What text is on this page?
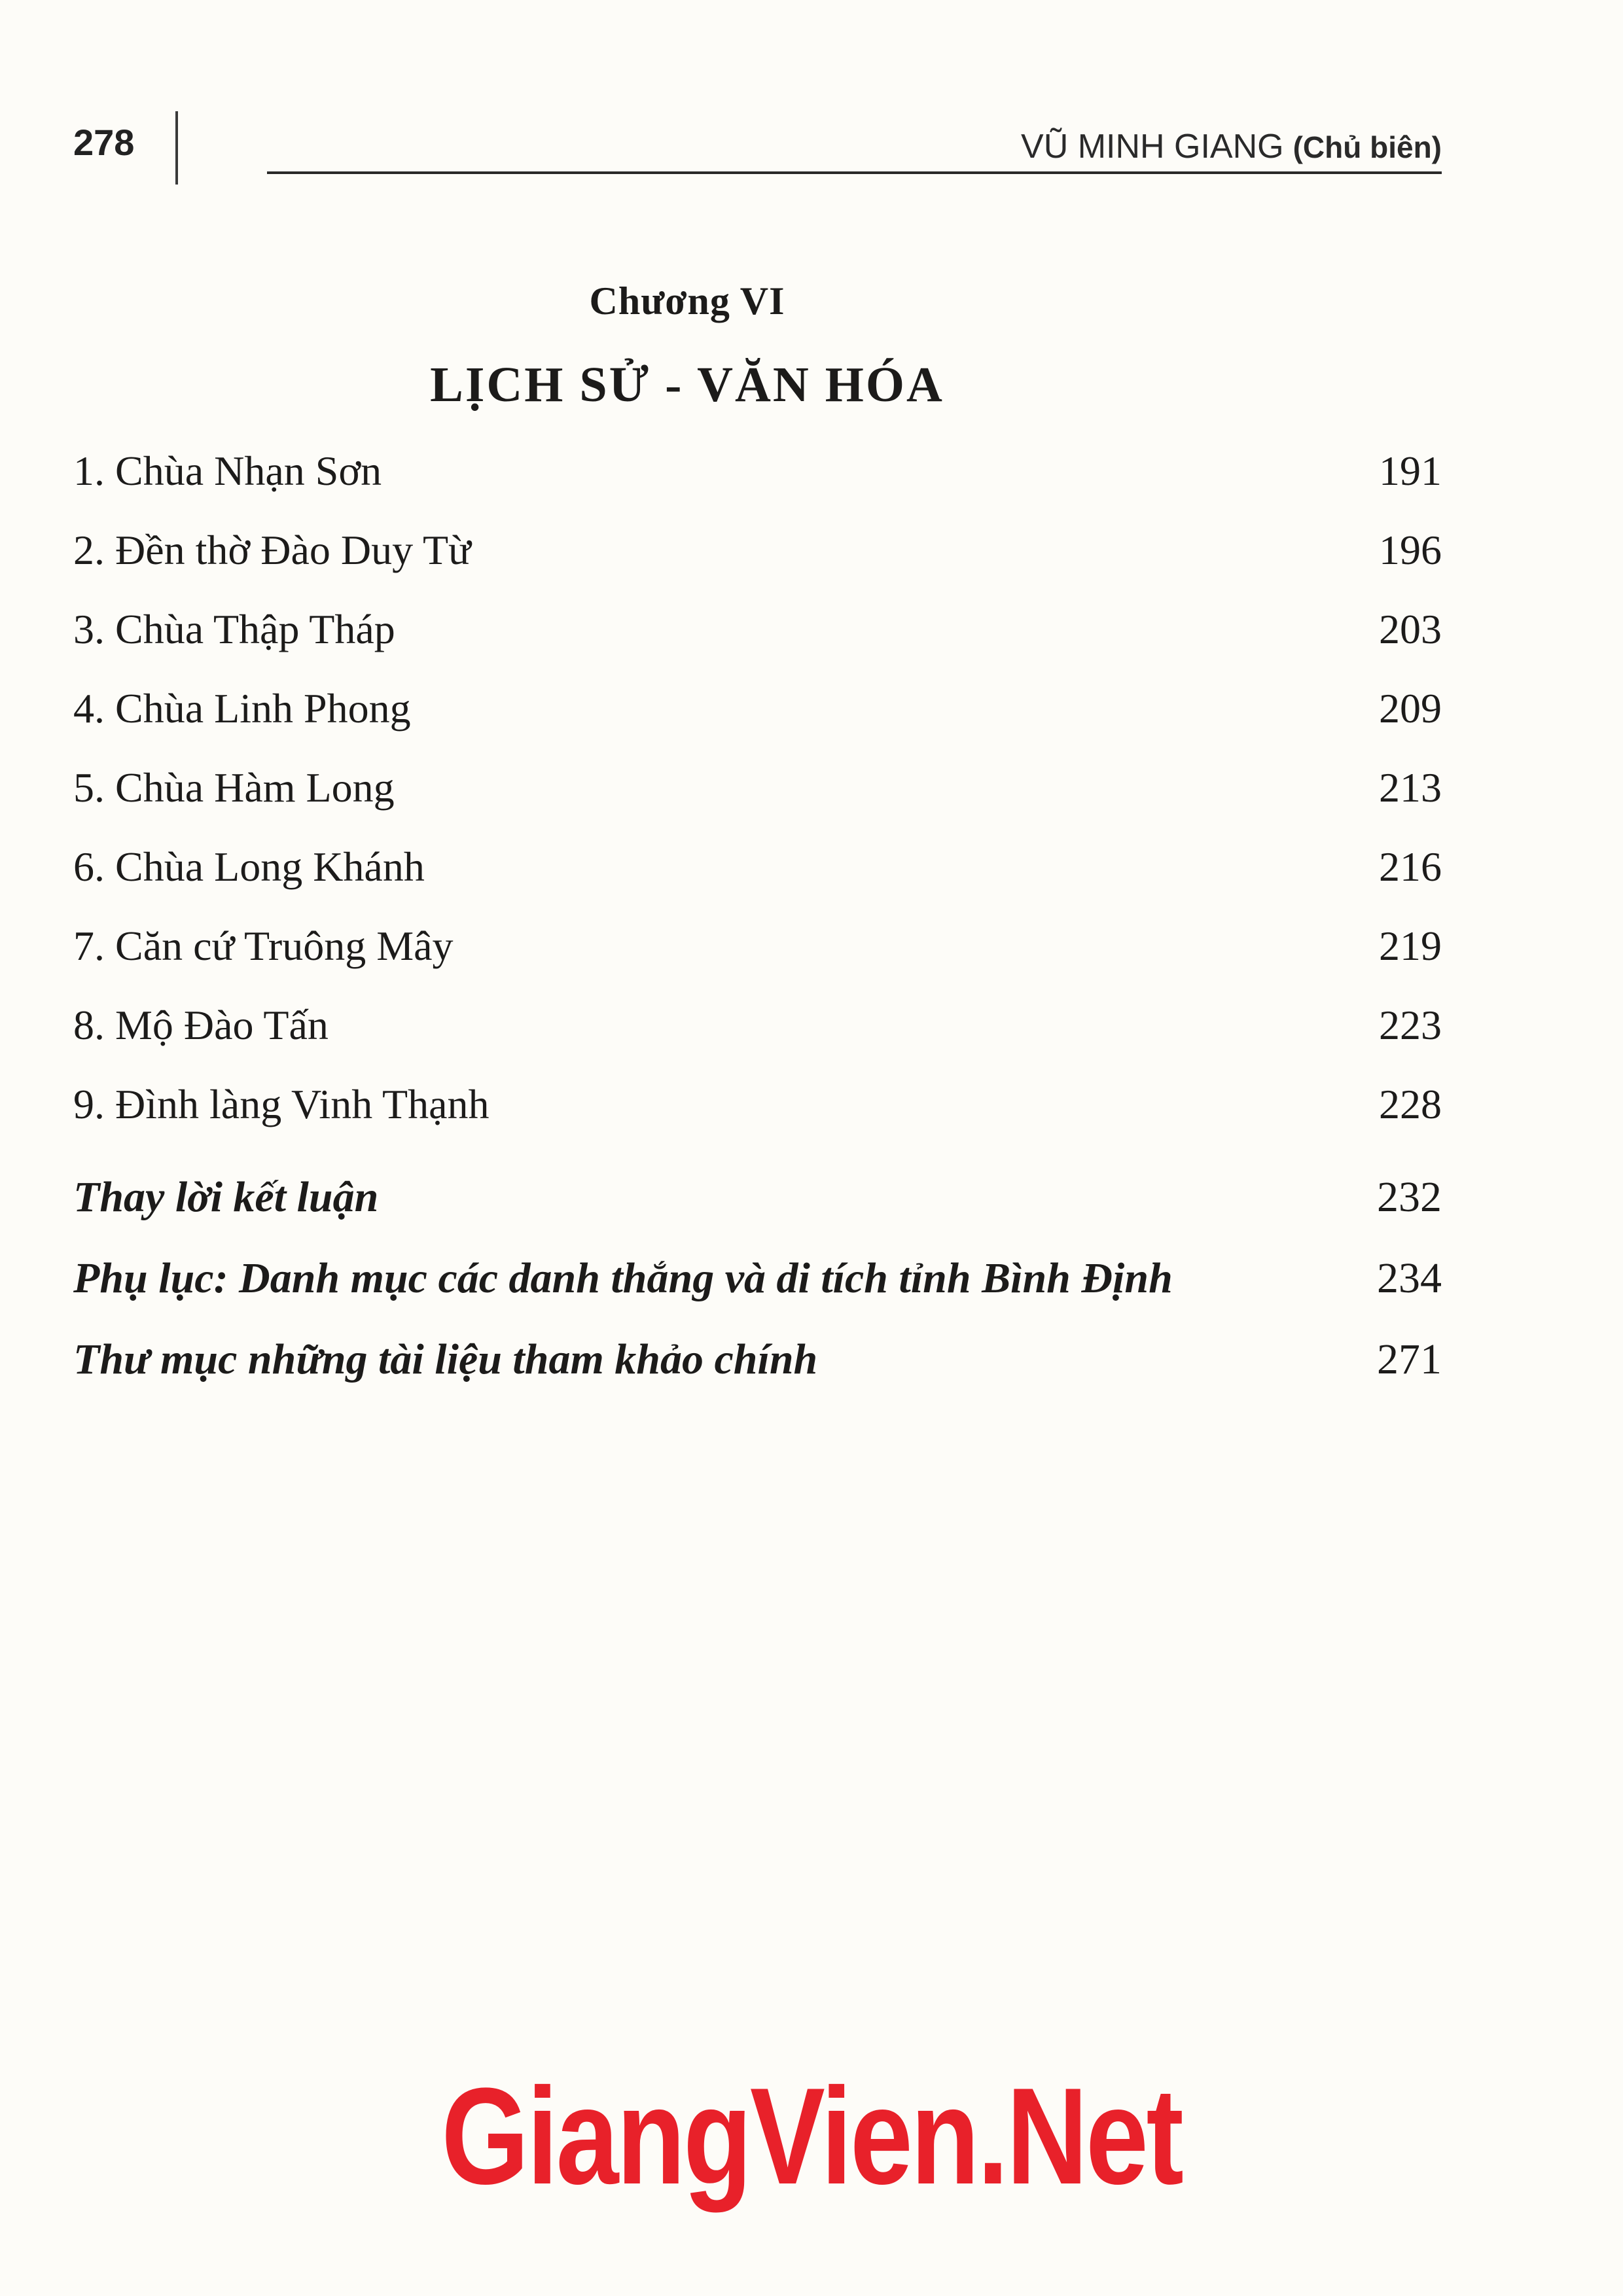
278	VŨ MINH GIANG (Chủ biên)
Chương VI
LỊCH SỬ - VĂN HÓA
1. Chùa Nhạn Sơn	191
2. Đền thờ Đào Duy Từ	196
3. Chùa Thập Tháp	203
4. Chùa Linh Phong	209
5. Chùa Hàm Long	213
6. Chùa Long Khánh	216
7. Căn cứ Truông Mây	219
8. Mộ Đào Tấn	223
9. Đình làng Vinh Thạnh	228
Thay lời kết luận	232
Phụ lục: Danh mục các danh thắng và di tích tỉnh Bình Định	234
Thư mục những tài liệu tham khảo chính	271
GiangVien.Net
